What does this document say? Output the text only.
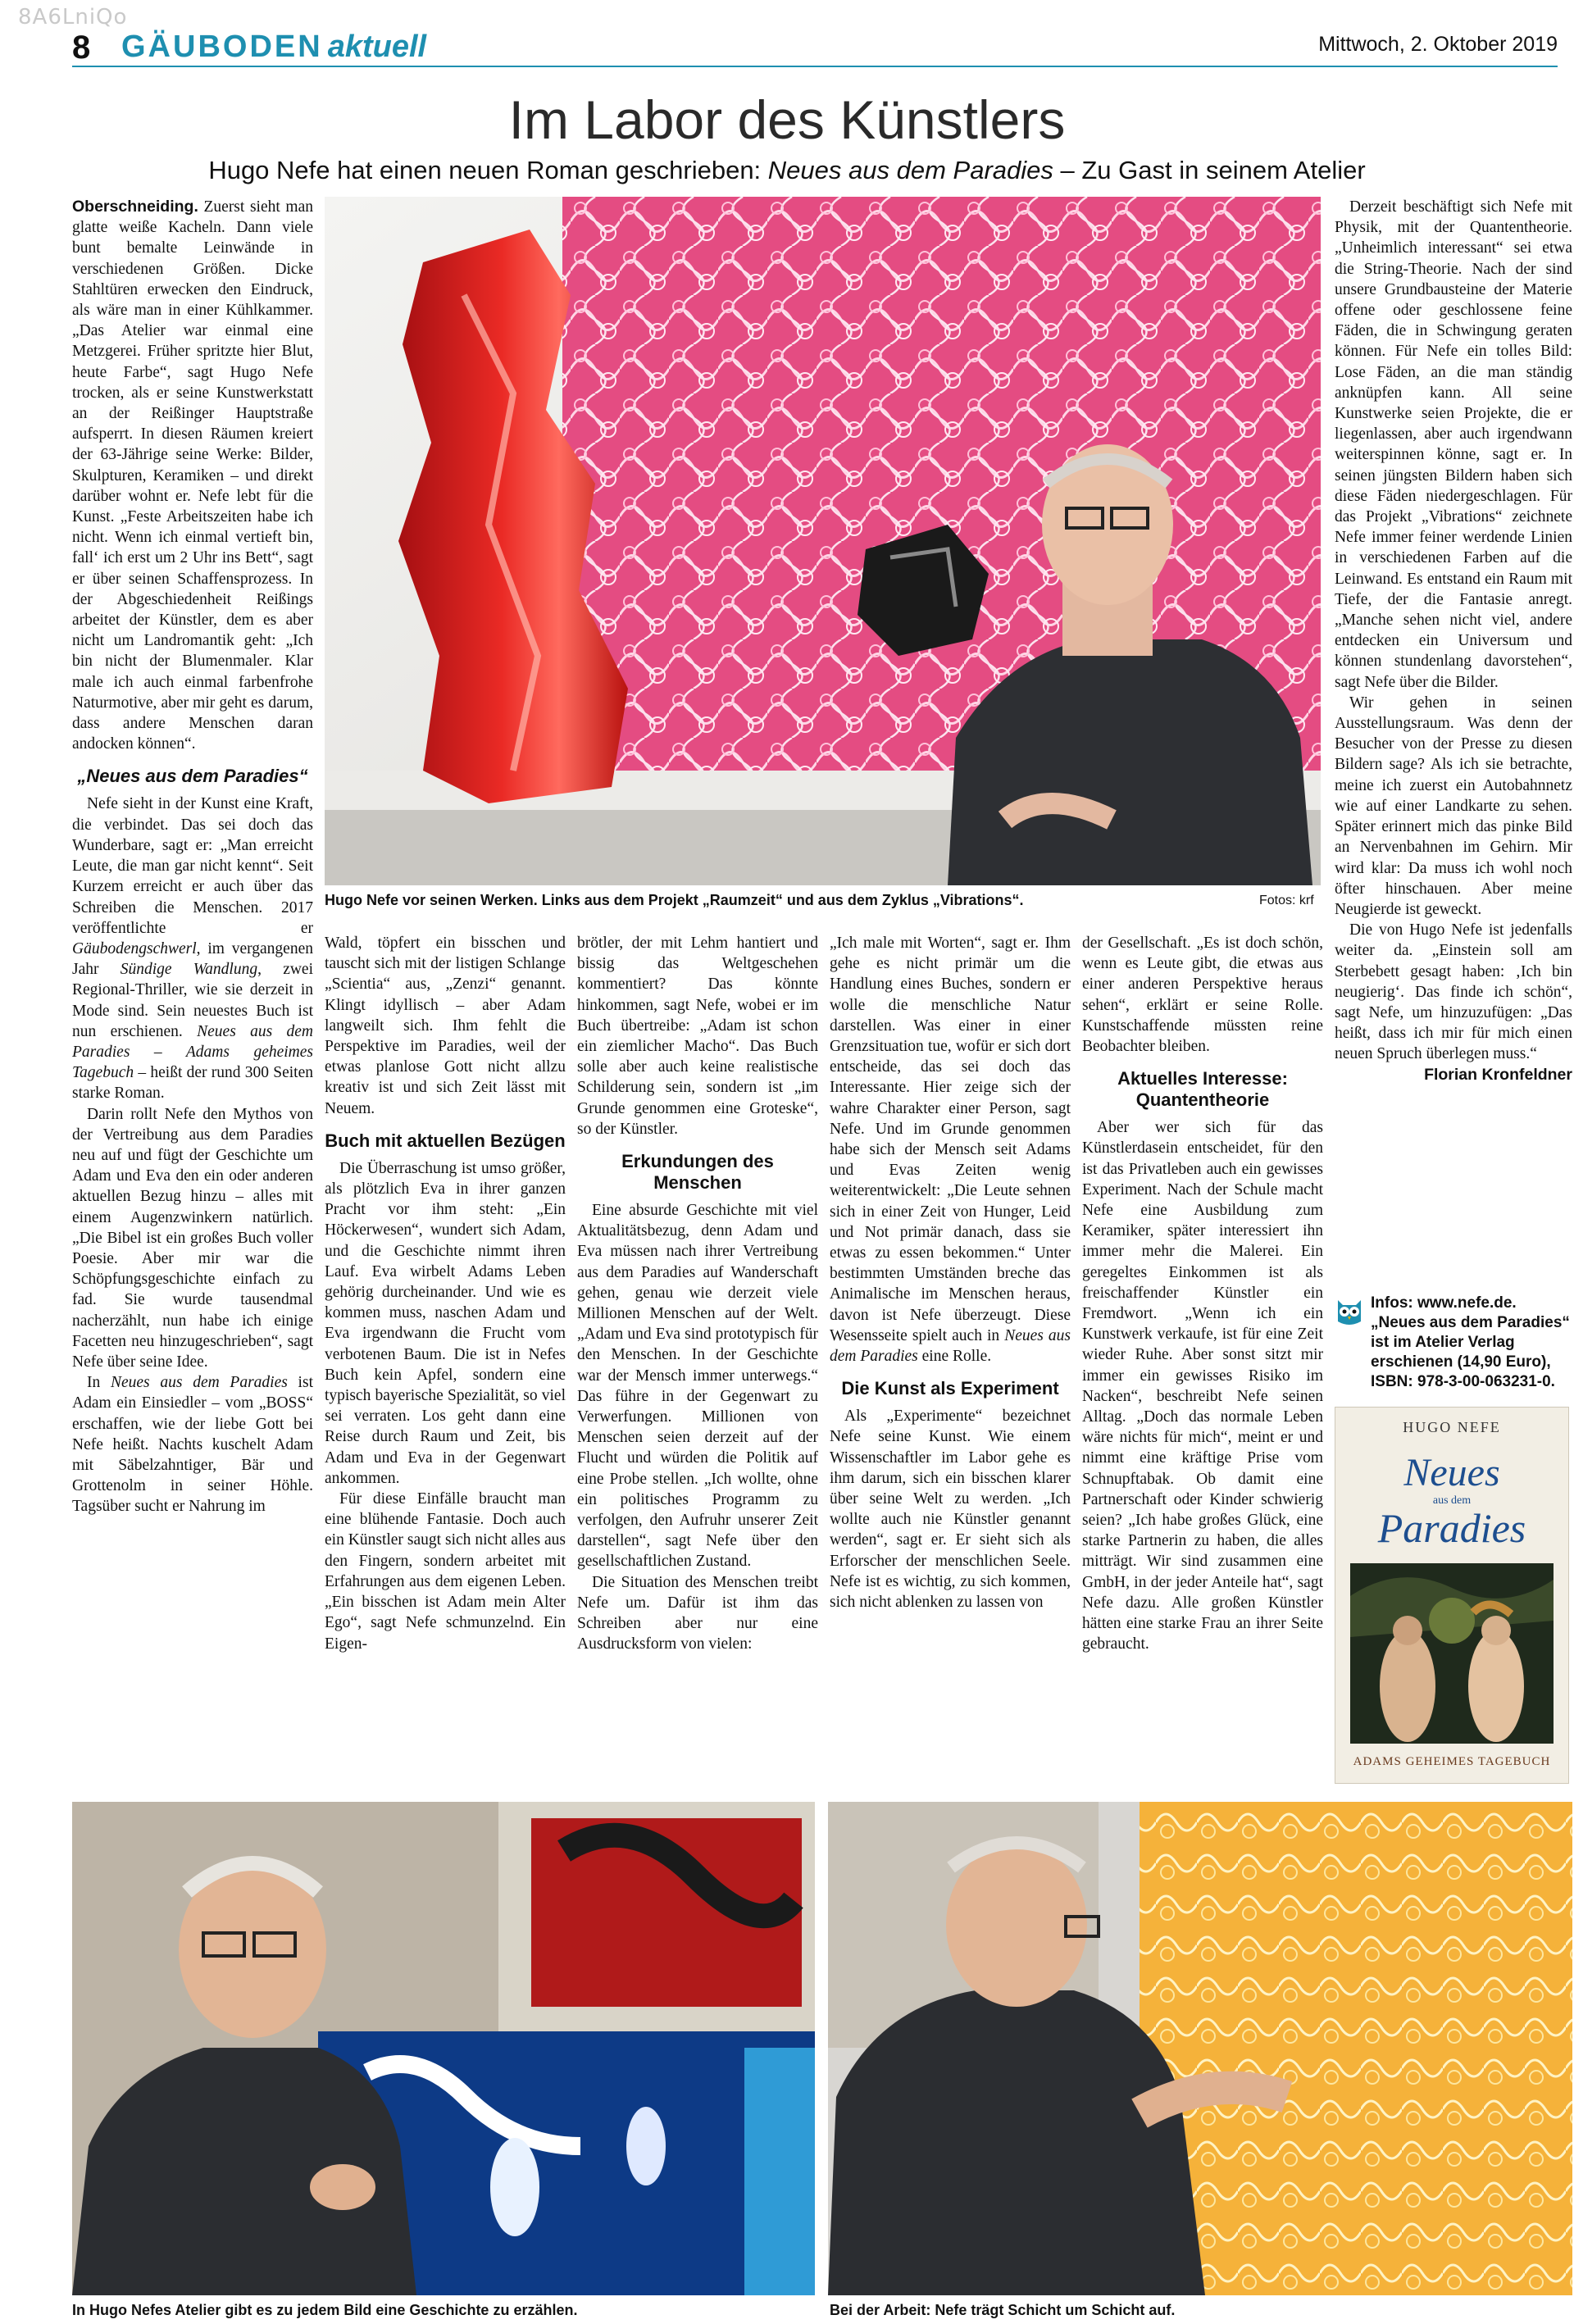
8A6LniQo
8 GÄUBODEN aktuell	Mittwoch, 2. Oktober 2019
Im Labor des Künstlers
Hugo Nefe hat einen neuen Roman geschrieben: Neues aus dem Paradies – Zu Gast in seinem Atelier

Oberschneiding. Zuerst sieht man glatte weiße Kacheln. Dann viele bunt bemalte Leinwände in verschiedenen Größen. Dicke Stahltüren erwecken den Eindruck, als wäre man in einer Kühlkammer. „Das Atelier war einmal eine Metzgerei. Früher spritzte hier Blut, heute Farbe“, sagt Hugo Nefe trocken, als er seine Kunstwerkstatt an der Reißinger Hauptstraße aufsperrt. In diesen Räumen kreiert der 63-Jährige seine Werke: Bilder, Skulpturen, Keramiken – und direkt darüber wohnt er. Nefe lebt für die Kunst. „Feste Arbeitszeiten habe ich nicht. Wenn ich einmal vertieft bin, fall‘ ich erst um 2 Uhr ins Bett“, sagt er über seinen Schaffensprozess. In der Abgeschiedenheit Reißings arbeitet der Künstler, dem es aber nicht um Landromantik geht: „Ich bin nicht der Blumenmaler. Klar male ich auch einmal farbenfrohe Naturmotive, aber mir geht es darum, dass andere Menschen daran andocken können“.

„Neues aus dem Paradies“

Nefe sieht in der Kunst eine Kraft, die verbindet. Das sei doch das Wunderbare, sagt er: „Man erreicht Leute, die man gar nicht kennt“. Seit Kurzem erreicht er auch über das Schreiben die Menschen. 2017 veröffentlichte er Gäubodengschwerl, im vergangenen Jahr Sündige Wandlung, zwei Regional-Thriller, wie sie derzeit in Mode sind. Sein neuestes Buch ist nun erschienen. Neues aus dem Paradies – Adams geheimes Tagebuch – heißt der rund 300 Seiten starke Roman.

Darin rollt Nefe den Mythos von der Vertreibung aus dem Paradies neu auf und fügt der Geschichte um Adam und Eva den ein oder anderen aktuellen Bezug hinzu – alles mit einem Augenzwinkern natürlich. „Die Bibel ist ein großes Buch voller Poesie. Aber mir war die Schöpfungsgeschichte einfach zu fad. Sie wurde tausendmal nacherzählt, nun habe ich einige Facetten neu hinzugeschrieben“, sagt Nefe über seine Idee.

In Neues aus dem Paradies ist Adam ein Einsiedler – vom „BOSS“ erschaffen, wie der liebe Gott bei Nefe heißt. Nachts kuschelt Adam mit Säbelzahntiger, Bär und Grottenolm in seiner Höhle. Tagsüber sucht er Nahrung im

Hugo Nefe vor seinen Werken. Links aus dem Projekt „Raumzeit“ und aus dem Zyklus „Vibrations“.	Fotos: krf

Derzeit beschäftigt sich Nefe mit Physik, mit der Quantentheorie. „Unheimlich interessant“ sei etwa die String-Theorie. Nach der sind unsere Grundbausteine der Materie offene oder geschlossene feine Fäden, die in Schwingung geraten können. Für Nefe ein tolles Bild: Lose Fäden, an die man ständig anknüpfen kann. All seine Kunstwerke seien Projekte, die er liegenlassen, aber auch irgendwann weiterspinnen könne, sagt er. In seinen jüngsten Bildern haben sich diese Fäden niedergeschlagen. Für das Projekt „Vibrations“ zeichnete Nefe immer feiner werdende Linien in verschiedenen Farben auf die Leinwand. Es entstand ein Raum mit Tiefe, der die Fantasie anregt. „Manche sehen nicht viel, andere entdecken ein Universum und können stundenlang davorstehen“, sagt Nefe über die Bilder.

Wir gehen in seinen Ausstellungsraum. Was denn der Besucher von der Presse zu diesen Bildern sage? Als ich sie betrachte, meine ich zuerst ein Autobahnnetz wie auf einer Landkarte zu sehen. Später erinnert mich das pinke Bild an Nervenbahnen im Gehirn. Mir wird klar: Da muss ich wohl noch öfter hinschauen. Aber meine Neugierde ist geweckt.

Die von Hugo Nefe ist jedenfalls weiter da. „Einstein soll am Sterbebett gesagt haben: ‚Ich bin neugierig‘. Das finde ich schön“, sagt Nefe, um hinzuzufügen: „Das heißt, dass ich mir für mich einen neuen Spruch überlegen muss.“
Florian Kronfeldner

Wald, töpfert ein bisschen und tauscht sich mit der listigen Schlange „Scientia“ aus, „Zenzi“ genannt. Klingt idyllisch – aber Adam langweilt sich. Ihm fehlt die Perspektive im Paradies, weil der etwas planlose Gott nicht allzu kreativ ist und sich Zeit lässt mit Neuem.

Buch mit aktuellen Bezügen

Die Überraschung ist umso größer, als plötzlich Eva in ihrer ganzen Pracht vor ihm steht: „Ein Höckerwesen“, wundert sich Adam, und die Geschichte nimmt ihren Lauf. Eva wirbelt Adams Leben gehörig durcheinander. Und wie es kommen muss, naschen Adam und Eva irgendwann die Frucht vom verbotenen Baum. Die ist in Nefes Buch kein Apfel, sondern eine typisch bayerische Spezialität, so viel sei verraten. Los geht dann eine Reise durch Raum und Zeit, bis Adam und Eva in der Gegenwart ankommen.

Für diese Einfälle braucht man eine blühende Fantasie. Doch auch ein Künstler saugt sich nicht alles aus den Fingern, sondern arbeitet mit Erfahrungen aus dem eigenen Leben. „Ein bisschen ist Adam mein Alter Ego“, sagt Nefe schmunzelnd. Ein Eigen-

brötler, der mit Lehm hantiert und bissig das Weltgeschehen kommentiert? Das könnte hinkommen, sagt Nefe, wobei er im Buch übertreibe: „Adam ist schon ein ziemlicher Macho“. Das Buch solle aber auch keine realistische Schilderung sein, sondern ist „im Grunde genommen eine Groteske“, so der Künstler.

Erkundungen des Menschen

Eine absurde Geschichte mit viel Aktualitätsbezug, denn Adam und Eva müssen nach ihrer Vertreibung aus dem Paradies auf Wanderschaft gehen, genau wie derzeit viele Millionen Menschen auf der Welt. „Adam und Eva sind prototypisch für den Menschen. In der Geschichte war der Mensch immer unterwegs.“ Das führe in der Gegenwart zu Verwerfungen. Millionen von Menschen seien derzeit auf der Flucht und würden die Politik auf eine Probe stellen. „Ich wollte, ohne ein politisches Programm zu verfolgen, den Aufruhr unserer Zeit darstellen“, sagt Nefe über den gesellschaftlichen Zustand.

Die Situation des Menschen treibt Nefe um. Dafür ist ihm das Schreiben aber nur eine Ausdrucksform von vielen:

„Ich male mit Worten“, sagt er. Ihm gehe es nicht primär um die Handlung eines Buches, sondern er wolle die menschliche Natur darstellen. Was einer in einer Grenzsituation tue, wofür er sich dort entscheide, das sei doch das Interessante. Hier zeige sich der wahre Charakter einer Person, sagt Nefe. Und im Grunde genommen habe sich der Mensch seit Adams und Evas Zeiten wenig weiterentwickelt: „Die Leute sehnen sich in einer Zeit von Hunger, Leid und Not primär danach, dass sie etwas zu essen bekommen.“ Unter bestimmten Umständen breche das Animalische im Menschen heraus, davon ist Nefe überzeugt. Diese Wesensseite spielt auch in Neues aus dem Paradies eine Rolle.

Die Kunst als Experiment

Als „Experimente“ bezeichnet Nefe seine Kunst. Wie einem Wissenschaftler im Labor gehe es ihm darum, sich ein bisschen klarer über seine Welt zu werden. „Ich wollte auch nie Künstler genannt werden“, sagt er. Er sieht sich als Erforscher der menschlichen Seele. Nefe ist es wichtig, zu sich kommen, sich nicht ablenken zu lassen von

der Gesellschaft. „Es ist doch schön, wenn es Leute gibt, die etwas aus einer anderen Perspektive heraus sehen“, erklärt er seine Rolle. Kunstschaffende müssten reine Beobachter bleiben.

Aktuelles Interesse: Quantentheorie

Aber wer sich für das Künstlerdasein entscheidet, für den ist das Privatleben auch ein gewisses Experiment. Nach der Schule macht Nefe eine Ausbildung zum Keramiker, später interessiert ihn immer mehr die Malerei. Ein geregeltes Einkommen ist als freischaffender Künstler ein Fremdwort. „Wenn ich ein Kunstwerk verkaufe, ist für eine Zeit wieder Ruhe. Aber sonst sitzt mir immer ein gewisses Risiko im Nacken“, beschreibt Nefe seinen Alltag. „Doch das normale Leben wäre nichts für mich“, meint er und nimmt eine kräftige Prise vom Schnupftabak. Ob damit eine Partnerschaft oder Kinder schwierig seien? „Ich habe großes Glück, eine starke Partnerin zu haben, die alles mitträgt. Wir sind zusammen eine GmbH, in der jeder Anteile hat“, sagt Nefe dazu. Alle großen Künstler hätten eine starke Frau an ihrer Seite gebraucht.

Infos: www.nefe.de.
„Neues aus dem Paradies“ ist im Atelier Verlag erschienen (14,90 Euro),
ISBN: 978-3-00-063231-0.
HUGO NEFE
Neues
aus dem
Paradies
ADAMS GEHEIMES TAGEBUCH
In Hugo Nefes Atelier gibt es zu jedem Bild eine Geschichte zu erzählen.	Bei der Arbeit: Nefe trägt Schicht um Schicht auf.
